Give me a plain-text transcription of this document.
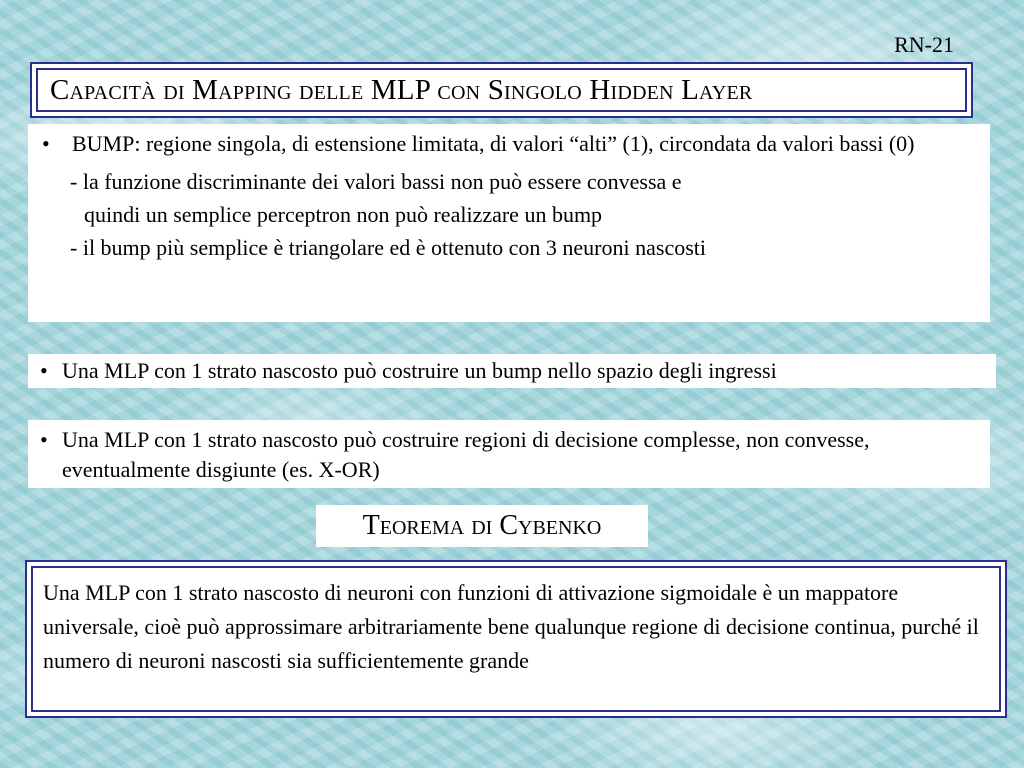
RN-21
Capacità di Mapping delle MLP con Singolo Hidden Layer
•	BUMP: regione singola, di estensione limitata, di valori “alti” (1), circondata da valori bassi (0)
- la funzione discriminante dei valori bassi non può essere convessa e
quindi un semplice perceptron non può realizzare un bump
- il bump più semplice è triangolare ed è ottenuto con 3 neuroni nascosti
• Una MLP con 1 strato nascosto può costruire un bump nello spazio degli ingressi
• Una MLP con 1 strato nascosto può costruire regioni di decisione complesse, non convesse, eventualmente disgiunte (es. X-OR)
Teorema di Cybenko
Una MLP con 1 strato nascosto di neuroni con funzioni di attivazione sigmoidale è un mappatore universale, cioè può approssimare arbitrariamente bene qualunque regione di decisione continua, purché il numero di neuroni nascosti sia sufficientemente grande
